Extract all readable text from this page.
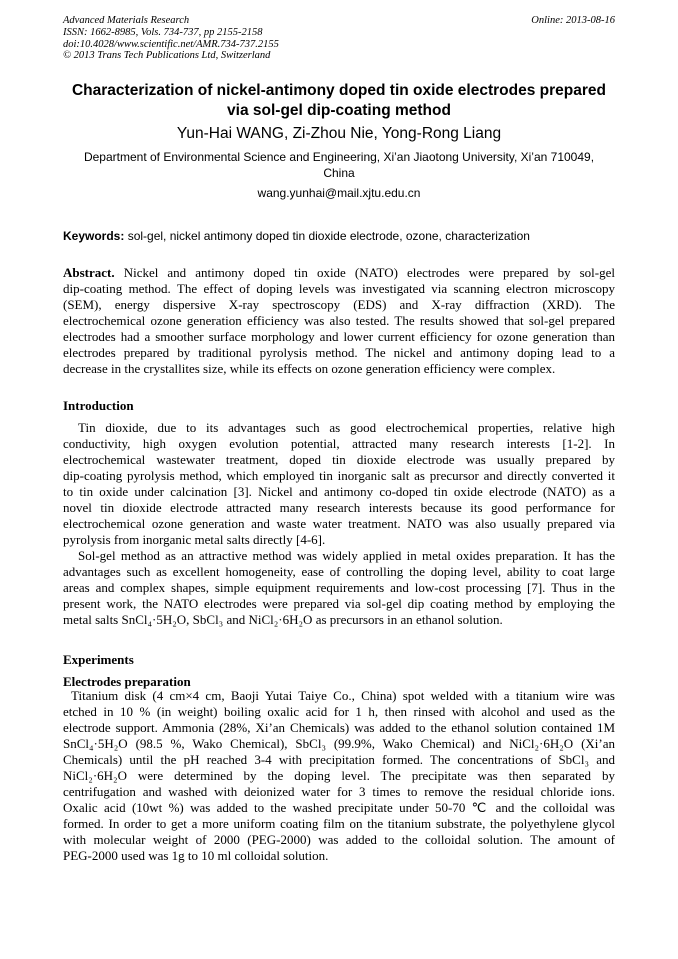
Advanced Materials Research
ISSN: 1662-8985, Vols. 734-737, pp 2155-2158
doi:10.4028/www.scientific.net/AMR.734-737.2155
© 2013 Trans Tech Publications Ltd, Switzerland
Online: 2013-08-16
Characterization of nickel-antimony doped tin oxide electrodes prepared
via sol-gel dip-coating method
Yun-Hai WANG, Zi-Zhou Nie, Yong-Rong Liang
Department of Environmental Science and Engineering, Xi’an Jiaotong University, Xi’an 710049,
China
wang.yunhai@mail.xjtu.edu.cn
Keywords: sol-gel, nickel antimony doped tin dioxide electrode, ozone, characterization
Abstract. Nickel and antimony doped tin oxide (NATO) electrodes were prepared by sol-gel
dip-coating method. The effect of doping levels was investigated via scanning electron microscopy
(SEM), energy dispersive X-ray spectroscopy (EDS) and X-ray diffraction (XRD). The
electrochemical ozone generation efficiency was also tested. The results showed that sol-gel prepared
electrodes had a smoother surface morphology and lower current efficiency for ozone generation than
electrodes prepared by traditional pyrolysis method. The nickel and antimony doping lead to a
decrease in the crystallites size, while its effects on ozone generation efficiency were complex.
Introduction
Tin dioxide, due to its advantages such as good electrochemical properties, relative high
conductivity, high oxygen evolution potential, attracted many research interests [1-2]. In
electrochemical wastewater treatment, doped tin dioxide electrode was usually prepared by
dip-coating pyrolysis method, which employed tin inorganic salt as precursor and directly converted it
to tin oxide under calcination [3]. Nickel and antimony co-doped tin oxide electrode (NATO) as a
novel tin dioxide electrode attracted many research interests because its good performance for
electrochemical ozone generation and waste water treatment. NATO was also usually prepared via
pyrolysis from inorganic metal salts directly [4-6].
Sol-gel method as an attractive method was widely applied in metal oxides preparation. It has the
advantages such as excellent homogeneity, ease of controlling the doping level, ability to coat large
areas and complex shapes, simple equipment requirements and low-cost processing [7]. Thus in the
present work, the NATO electrodes were prepared via sol-gel dip coating method by employing the
metal salts SnCl₄·5H₂O, SbCl₃ and NiCl₂·6H₂O as precursors in an ethanol solution.
Experiments
Electrodes preparation
Titanium disk (4 cm×4 cm, Baoji Yutai Taiye Co., China) spot welded with a titanium wire was
etched in 10 % (in weight) boiling oxalic acid for 1 h, then rinsed with alcohol and used as the
electrode support. Ammonia (28%, Xi’an Chemicals) was added to the ethanol solution contained 1M
SnCl₄·5H₂O (98.5 %, Wako Chemical), SbCl₃ (99.9%, Wako Chemical) and NiCl₂·6H₂O (Xi’an
Chemicals) until the pH reached 3-4 with precipitation formed. The concentrations of SbCl₃ and
NiCl₂·6H₂O were determined by the doping level. The precipitate was then separated by
centrifugation and washed with deionized water for 3 times to remove the residual chloride ions.
Oxalic acid (10wt %) was added to the washed precipitate under 50-70 ℃ and the colloidal was
formed. In order to get a more uniform coating film on the titanium substrate, the polyethylene glycol
with molecular weight of 2000 (PEG-2000) was added to the colloidal solution. The amount of
PEG-2000 used was 1g to 10 ml colloidal solution.
